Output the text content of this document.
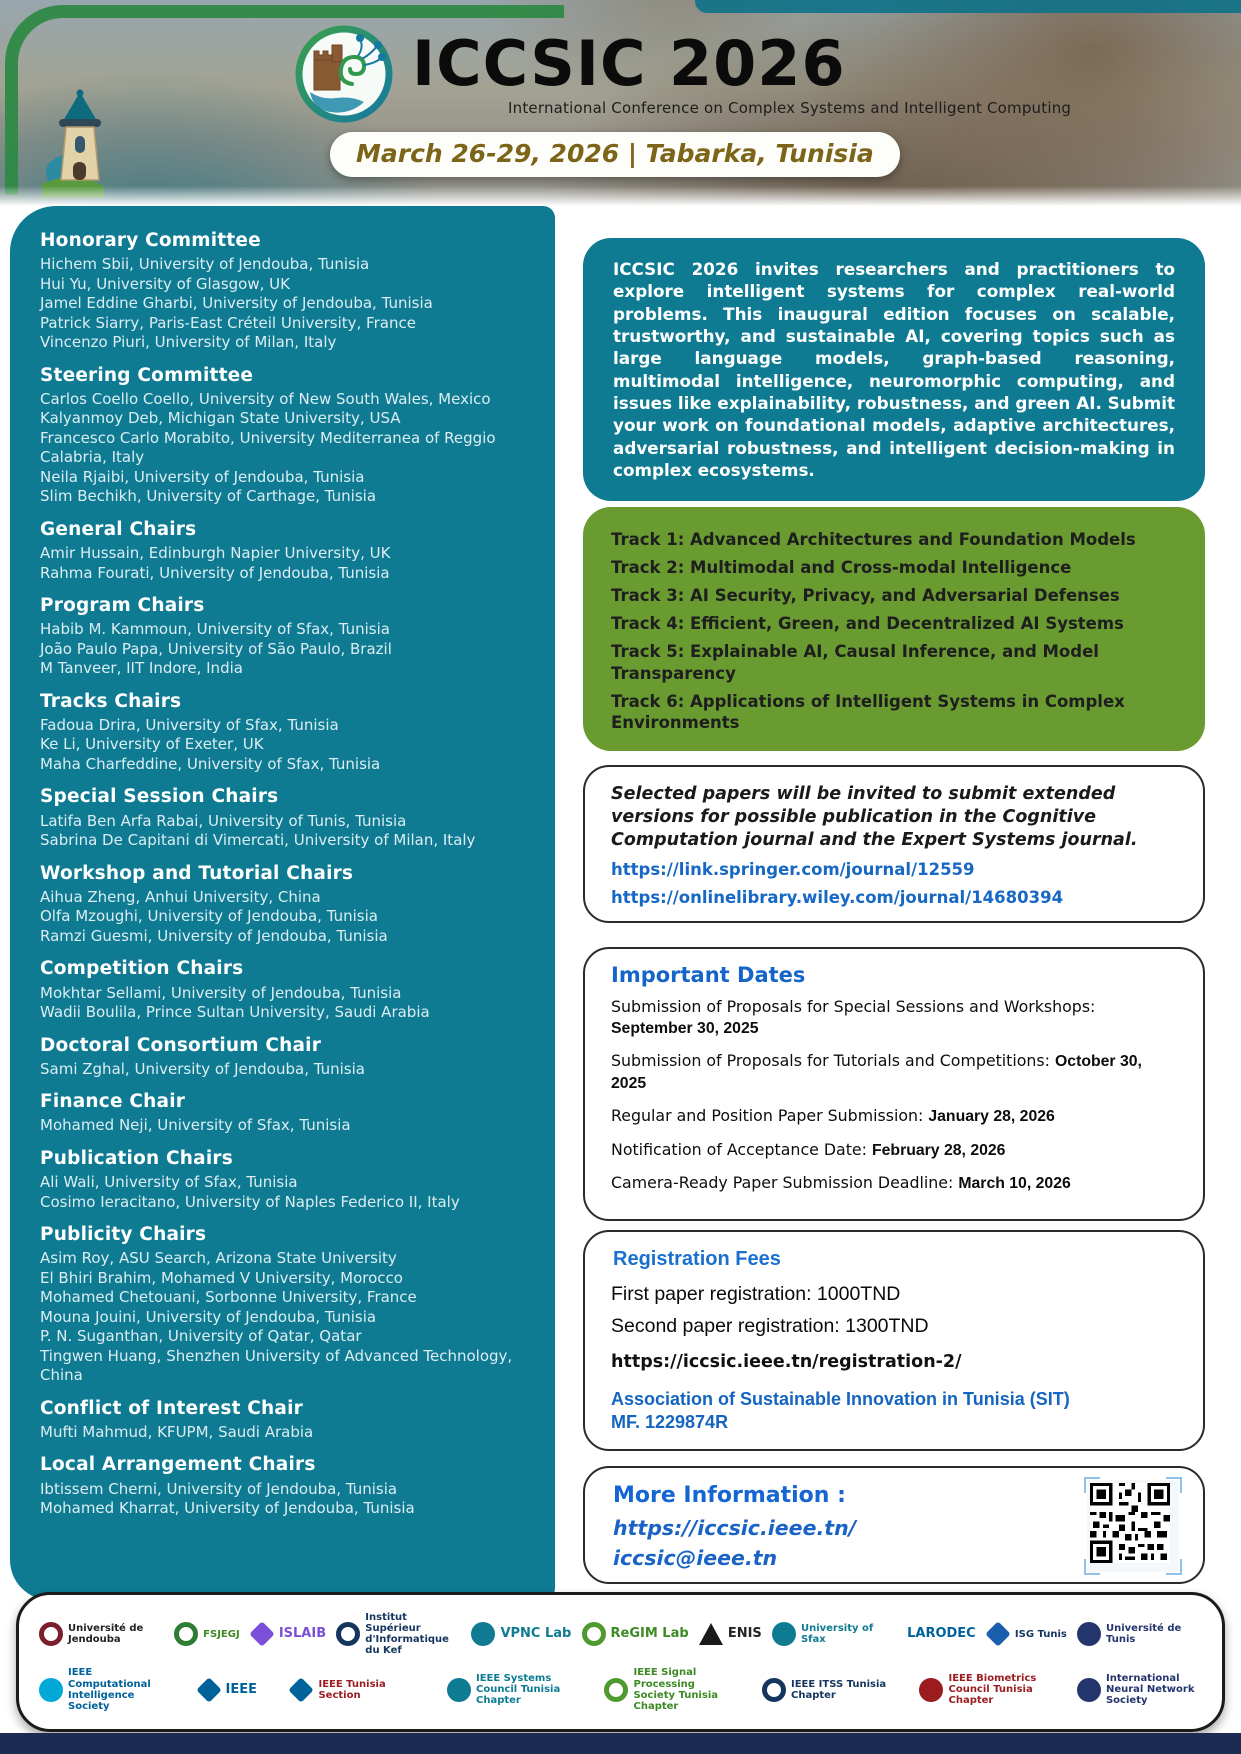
ICCSIC 2026
International Conference on Complex Systems and Intelligent Computing
March 26-29, 2026 | Tabarka, Tunisia
Honorary Committee
Hichem Sbii, University of Jendouba, Tunisia
Hui Yu, University of Glasgow, UK
Jamel Eddine Gharbi, University of Jendouba, Tunisia
Patrick Siarry, Paris-East Créteil University, France
Vincenzo Piuri, University of Milan, Italy
Steering Committee
Carlos Coello Coello, University of New South Wales, Mexico
Kalyanmoy Deb, Michigan State University, USA
Francesco Carlo Morabito, University Mediterranea of Reggio Calabria, Italy
Neila Rjaibi, University of Jendouba, Tunisia
Slim Bechikh, University of Carthage, Tunisia
General Chairs
Amir Hussain, Edinburgh Napier University, UK
Rahma Fourati, University of Jendouba, Tunisia
Program Chairs
Habib M. Kammoun, University of Sfax, Tunisia
João Paulo Papa, University of São Paulo, Brazil
M Tanveer, IIT Indore, India
Tracks Chairs
Fadoua Drira, University of Sfax, Tunisia
Ke Li, University of Exeter, UK
Maha Charfeddine, University of Sfax, Tunisia
Special Session Chairs
Latifa Ben Arfa Rabai, University of Tunis, Tunisia
Sabrina De Capitani di Vimercati, University of Milan, Italy
Workshop and Tutorial Chairs
Aihua Zheng, Anhui University, China
Olfa Mzoughi, University of Jendouba, Tunisia
Ramzi Guesmi, University of Jendouba, Tunisia
Competition Chairs
Mokhtar Sellami, University of Jendouba, Tunisia
Wadii Boulila, Prince Sultan University, Saudi Arabia
Doctoral Consortium Chair
Sami Zghal, University of Jendouba, Tunisia
Finance Chair
Mohamed Neji, University of Sfax, Tunisia
Publication Chairs
Ali Wali, University of Sfax, Tunisia
Cosimo Ieracitano, University of Naples Federico II, Italy
Publicity Chairs
Asim Roy, ASU Search, Arizona State University
El Bhiri Brahim, Mohamed V University, Morocco
Mohamed Chetouani, Sorbonne University, France
Mouna Jouini, University of Jendouba, Tunisia
P. N. Suganthan, University of Qatar, Qatar
Tingwen Huang, Shenzhen University of Advanced Technology, China
Conflict of Interest Chair
Mufti Mahmud, KFUPM, Saudi Arabia
Local Arrangement Chairs
Ibtissem Cherni, University of Jendouba, Tunisia
Mohamed Kharrat, University of Jendouba, Tunisia
ICCSIC 2026 invites researchers and practitioners to explore intelligent systems for complex real-world problems. This inaugural edition focuses on scalable, trustworthy, and sustainable AI, covering topics such as large language models, graph-based reasoning, multimodal intelligence, neuromorphic computing, and issues like explainability, robustness, and green AI. Submit your work on foundational models, adaptive architectures, adversarial robustness, and intelligent decision-making in complex ecosystems.
Track 1: Advanced Architectures and Foundation Models
Track 2: Multimodal and Cross-modal Intelligence
Track 3: AI Security, Privacy, and Adversarial Defenses
Track 4: Efficient, Green, and Decentralized AI Systems
Track 5: Explainable AI, Causal Inference, and Model Transparency
Track 6: Applications of Intelligent Systems in Complex Environments
Selected papers will be invited to submit extended versions for possible publication in the Cognitive Computation journal and the Expert Systems journal.
https://link.springer.com/journal/12559
https://onlinelibrary.wiley.com/journal/14680394
Important Dates
Submission of Proposals for Special Sessions and Workshops: September 30, 2025
Submission of Proposals for Tutorials and Competitions: October 30, 2025
Regular and Position Paper Submission: January 28, 2026
Notification of Acceptance Date: February 28, 2026
Camera-Ready Paper Submission Deadline: March 10, 2026
Registration Fees
First paper registration: 1000TND
Second paper registration: 1300TND
https://iccsic.ieee.tn/registration-2/
Association of Sustainable Innovation in Tunisia (SIT)
MF. 1229874R
More Information :
https://iccsic.ieee.tn/
iccsic@ieee.tn
Université de Jendouba
FSJEGJ	ISLAIB
Institut Supérieur d'Informatique du Kef
VPNC Lab	ReGIM Lab	ENIS	University of Sfax	LARODEC	ISG Tunis
Université de Tunis
IEEE Computational Intelligence Society
IEEE	IEEE Tunisia Section
IEEE Systems Council Tunisia Chapter
IEEE Signal Processing Society Tunisia Chapter
IEEE ITSS Tunisia Chapter
IEEE Biometrics Council Tunisia Chapter
International Neural Network Society
